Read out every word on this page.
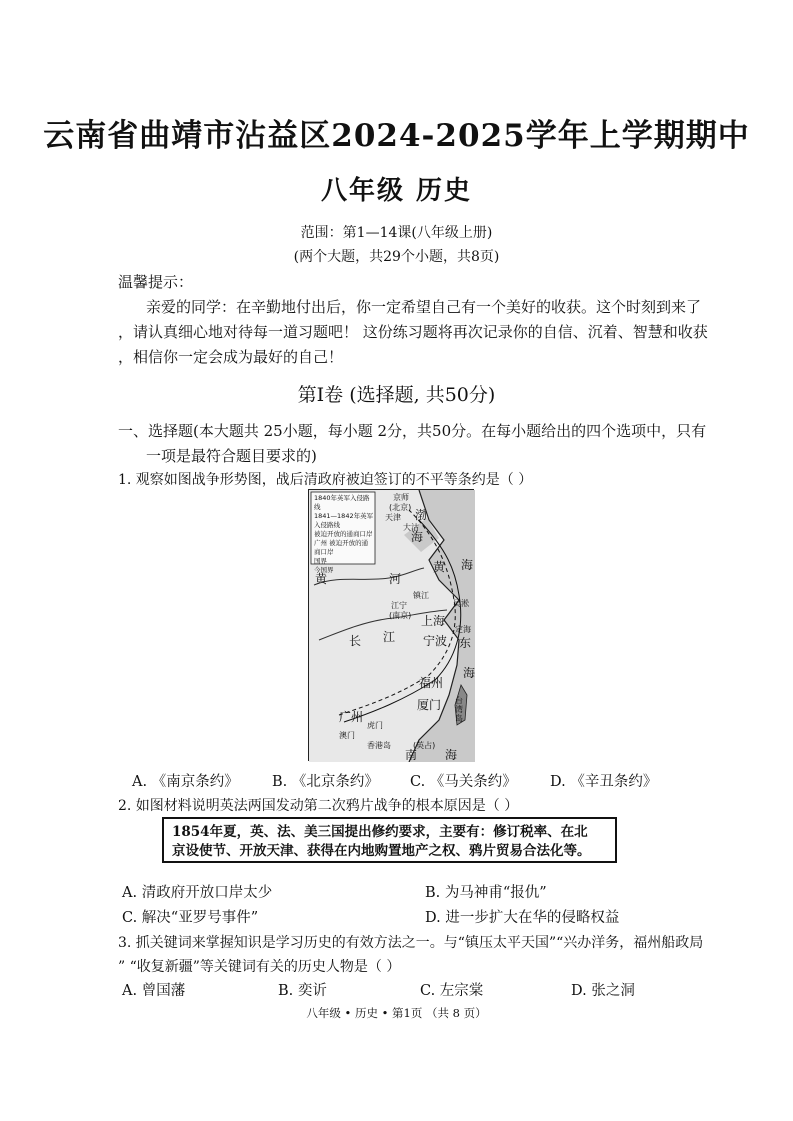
云南省曲靖市沾益区2024-2025学年上学期期中
八年级 历史
范围：第1—14课(八年级上册)
(两个大题，共29个小题，共8页)
温馨提示：
亲爱的同学：在辛勤地付出后，你一定希望自己有一个美好的收获。这个时刻到来了
，请认真细心地对待每一道习题吧！ 这份练习题将再次记录你的自信、沉着、智慧和收获
，相信你一定会成为最好的自己！
第Ⅰ卷 (选择题, 共50分)
一、选择题(本大题共 25小题，每小题 2分，共50分。在每小题给出的四个选项中，只有
一项是最符合题目要求的)
1. 观察如图战争形势图，战后清政府被迫签订的不平等条约是（ ）
1840年英军入侵路线
1841—1842年英军入侵路线
被迫开放的通商口岸
广州 被迫开放的通商口岸
国界
今国界
京师
(北京)
天津
大沽
渤
海
黄 海
黄	河
镇江
吴淞
江宁
(南京) 上海
定海
宁波
长 江	东
海
福州
厦门 台湾岛
广州
虎门
澳门
香港岛	(英占)
南 海
A. 《南京条约》 B. 《北京条约》 C. 《马关条约》 D. 《辛丑条约》
2. 如图材料说明英法两国发动第二次鸦片战争的根本原因是（ ）
1854年夏，英、法、美三国提出修约要求，主要有：修订税率、在北
京设使节、开放天津、获得在内地购置地产之权、鸦片贸易合法化等。
A. 清政府开放口岸太少	B. 为马神甫“报仇”
C. 解决“亚罗号事件”	D. 进一步扩大在华的侵略权益
3. 抓关键词来掌握知识是学习历史的有效方法之一。与“镇压太平天国”“兴办洋务，福州船政局
” “收复新疆”等关键词有关的历史人物是（ ）
A. 曾国藩	B. 奕䜣	C. 左宗棠	D. 张之洞
八年级 • 历史 • 第1页 （共 8 页）
